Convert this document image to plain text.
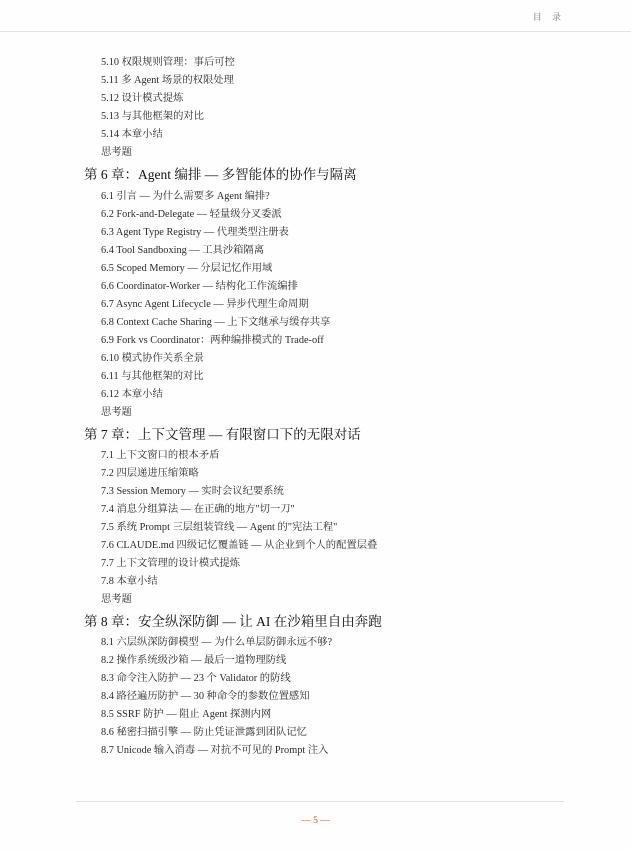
目 录
5.10 权限规则管理：事后可控
5.11 多 Agent 场景的权限处理
5.12 设计模式提炼
5.13 与其他框架的对比
5.14 本章小结
思考题
第 6 章：Agent 编排 — 多智能体的协作与隔离
6.1 引言 — 为什么需要多 Agent 编排?
6.2 Fork-and-Delegate — 轻量级分叉委派
6.3 Agent Type Registry — 代理类型注册表
6.4 Tool Sandboxing — 工具沙箱隔离
6.5 Scoped Memory — 分层记忆作用域
6.6 Coordinator-Worker — 结构化工作流编排
6.7 Async Agent Lifecycle — 异步代理生命周期
6.8 Context Cache Sharing — 上下文继承与缓存共享
6.9 Fork vs Coordinator：两种编排模式的 Trade-off
6.10 模式协作关系全景
6.11 与其他框架的对比
6.12 本章小结
思考题
第 7 章：上下文管理 — 有限窗口下的无限对话
7.1 上下文窗口的根本矛盾
7.2 四层递进压缩策略
7.3 Session Memory — 实时会议纪要系统
7.4 消息分组算法 — 在正确的地方"切一刀"
7.5 系统 Prompt 三层组装管线 — Agent 的"宪法工程"
7.6 CLAUDE.md 四级记忆覆盖链 — 从企业到个人的配置层叠
7.7 上下文管理的设计模式提炼
7.8 本章小结
思考题
第 8 章：安全纵深防御 — 让 AI 在沙箱里自由奔跑
8.1 六层纵深防御模型 — 为什么单层防御永远不够?
8.2 操作系统级沙箱 — 最后一道物理防线
8.3 命令注入防护 — 23 个 Validator 的防线
8.4 路径遍历防护 — 30 种命令的参数位置感知
8.5 SSRF 防护 — 阻止 Agent 探测内网
8.6 秘密扫描引擎 — 防止凭证泄露到团队记忆
8.7 Unicode 输入消毒 — 对抗不可见的 Prompt 注入
— 5 —
